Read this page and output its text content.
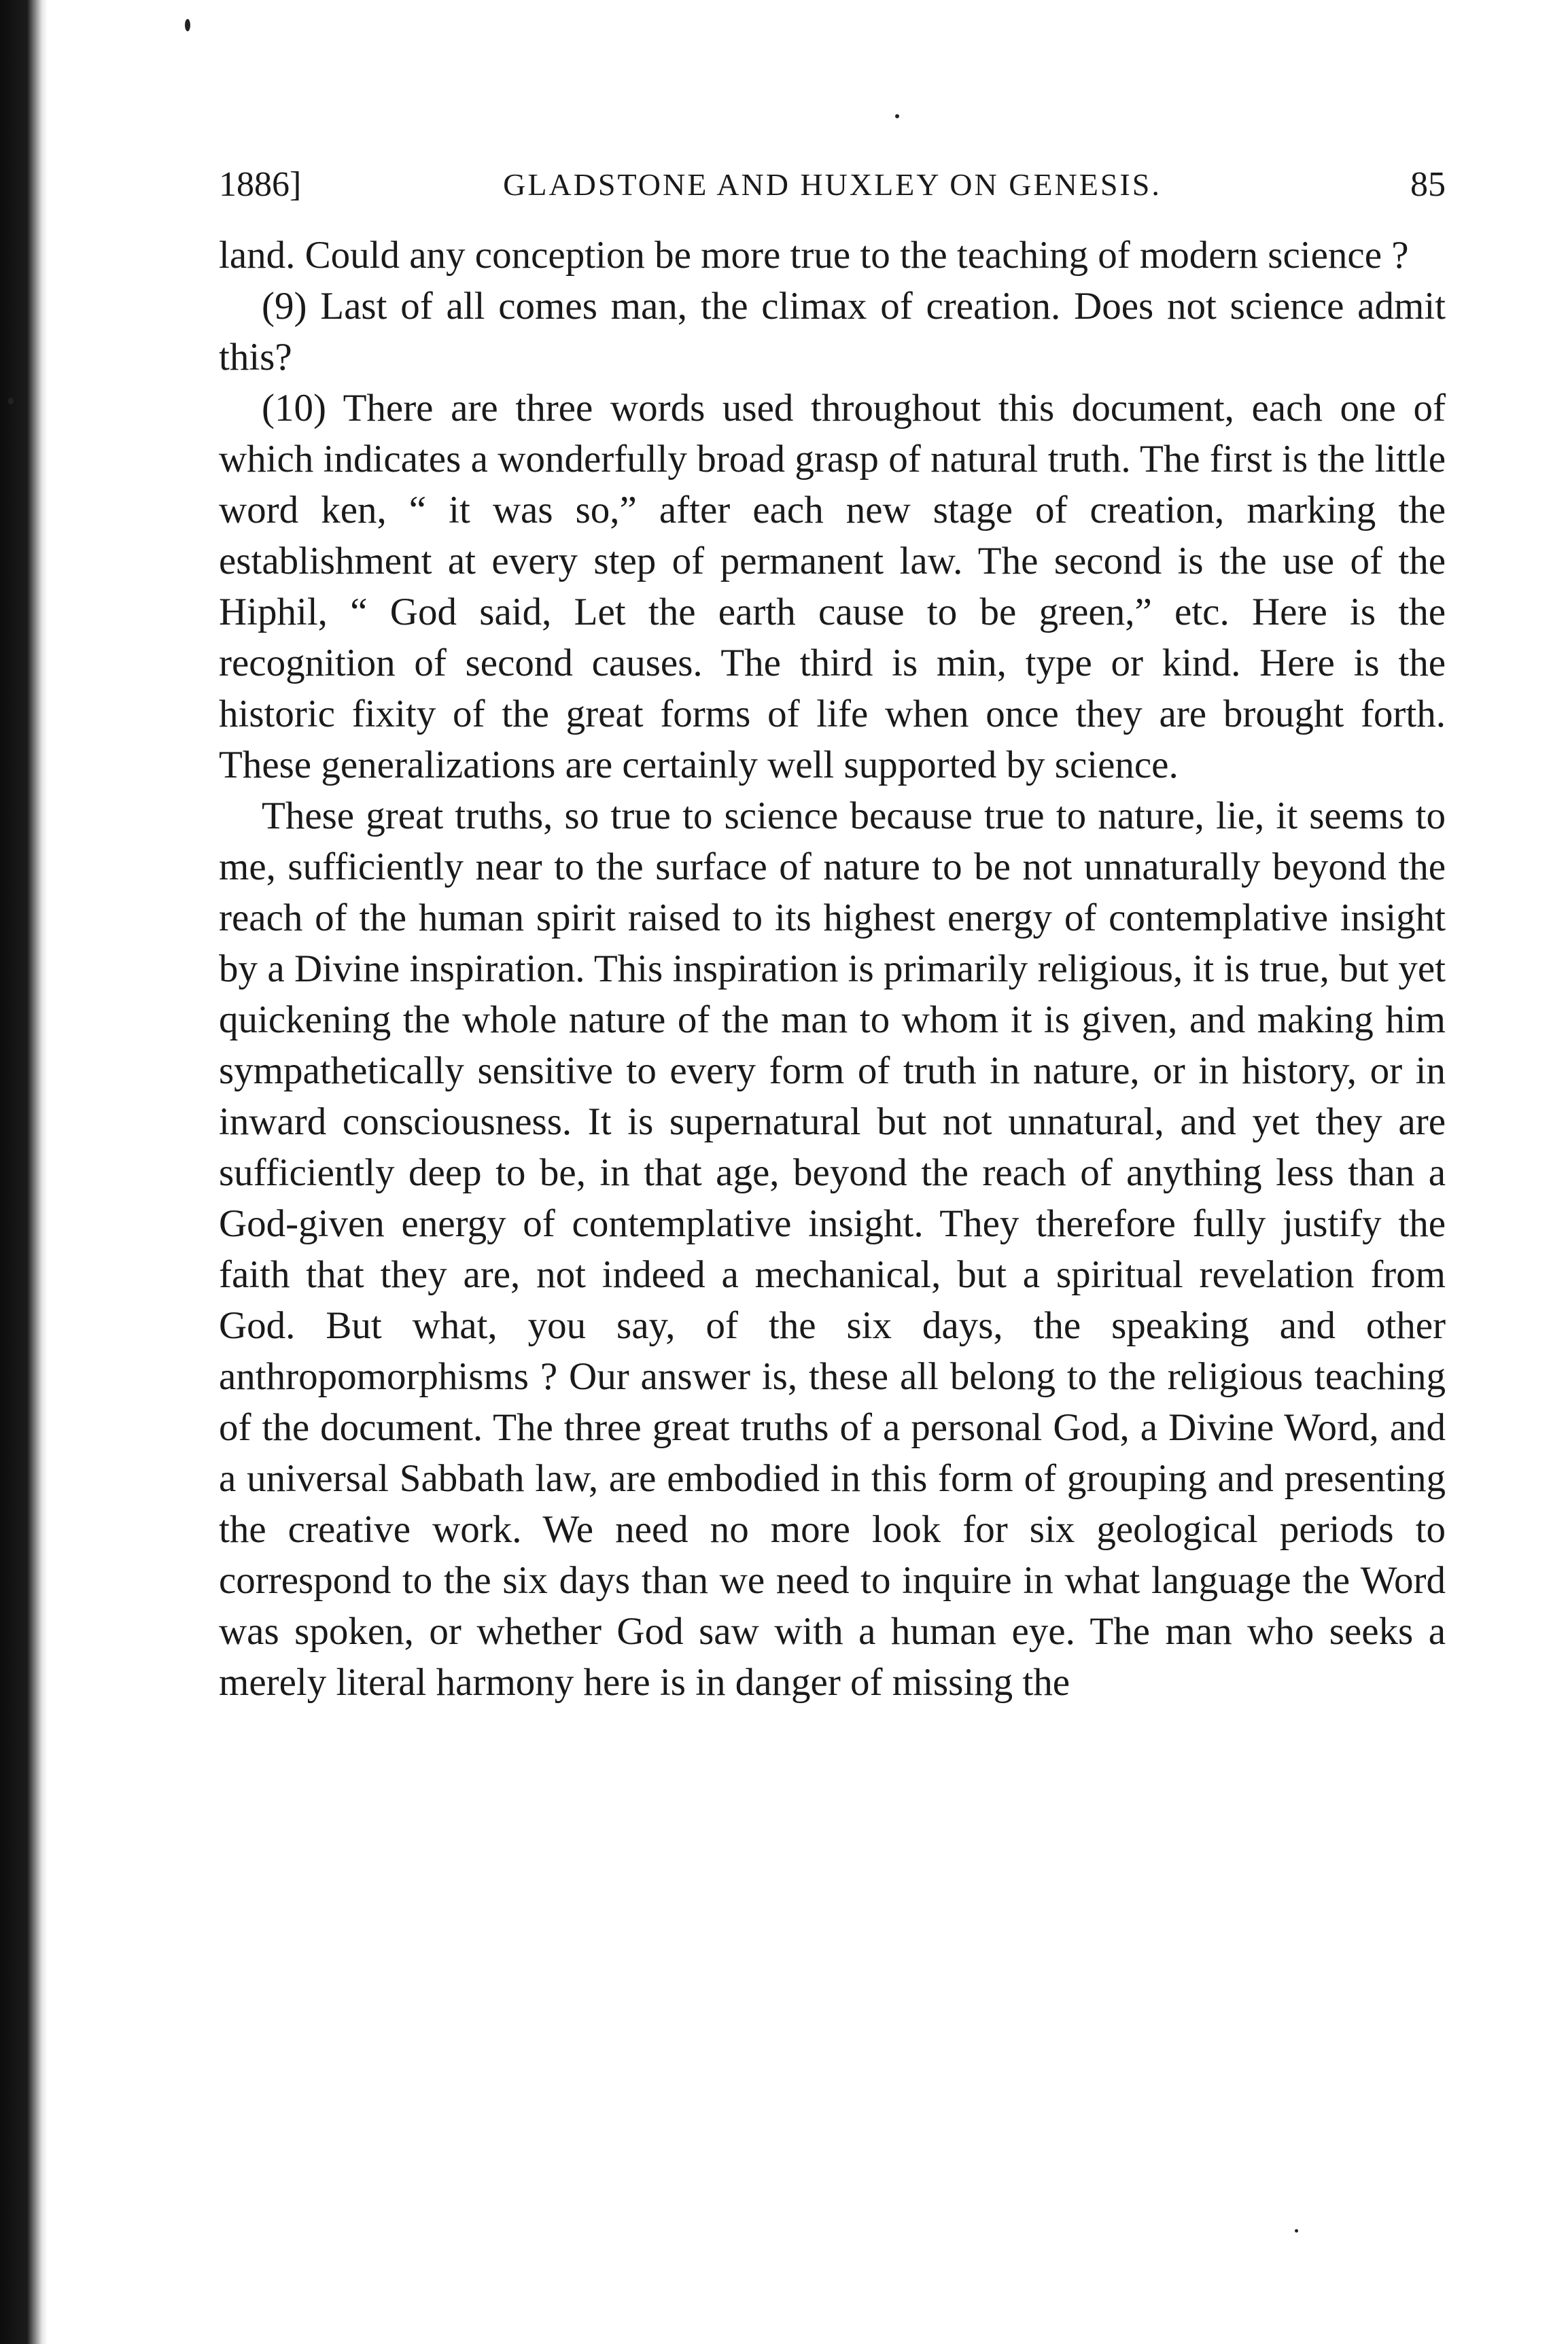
1886]	GLADSTONE AND HUXLEY ON GENESIS.	85

land. Could any conception be more true to the teaching of modern science ?

(9) Last of all comes man, the climax of creation. Does not science admit this?

(10) There are three words used throughout this document, each one of which indicates a wonderfully broad grasp of natural truth. The first is the little word ken, “ it was so,” after each new stage of creation, marking the establishment at every step of permanent law. The second is the use of the Hiphil, “ God said, Let the earth cause to be green,” etc. Here is the recognition of second causes. The third is min, type or kind. Here is the historic fixity of the great forms of life when once they are brought forth. These generalizations are certainly well supported by science.

These great truths, so true to science because true to nature, lie, it seems to me, sufficiently near to the surface of nature to be not unnaturally beyond the reach of the human spirit raised to its highest energy of contemplative insight by a Divine inspiration. This inspiration is primarily religious, it is true, but yet quickening the whole nature of the man to whom it is given, and making him sympathetically sensitive to every form of truth in nature, or in history, or in inward consciousness. It is supernatural but not unnatural, and yet they are sufficiently deep to be, in that age, beyond the reach of anything less than a God-given energy of contemplative insight. They therefore fully justify the faith that they are, not indeed a mechanical, but a spiritual revelation from God. But what, you say, of the six days, the speaking and other anthropomorphisms ? Our answer is, these all belong to the religious teaching of the document. The three great truths of a personal God, a Divine Word, and a universal Sabbath law, are embodied in this form of grouping and presenting the creative work. We need no more look for six geological periods to correspond to the six days than we need to inquire in what language the Word was spoken, or whether God saw with a human eye. The man who seeks a merely literal harmony here is in danger of missing the
